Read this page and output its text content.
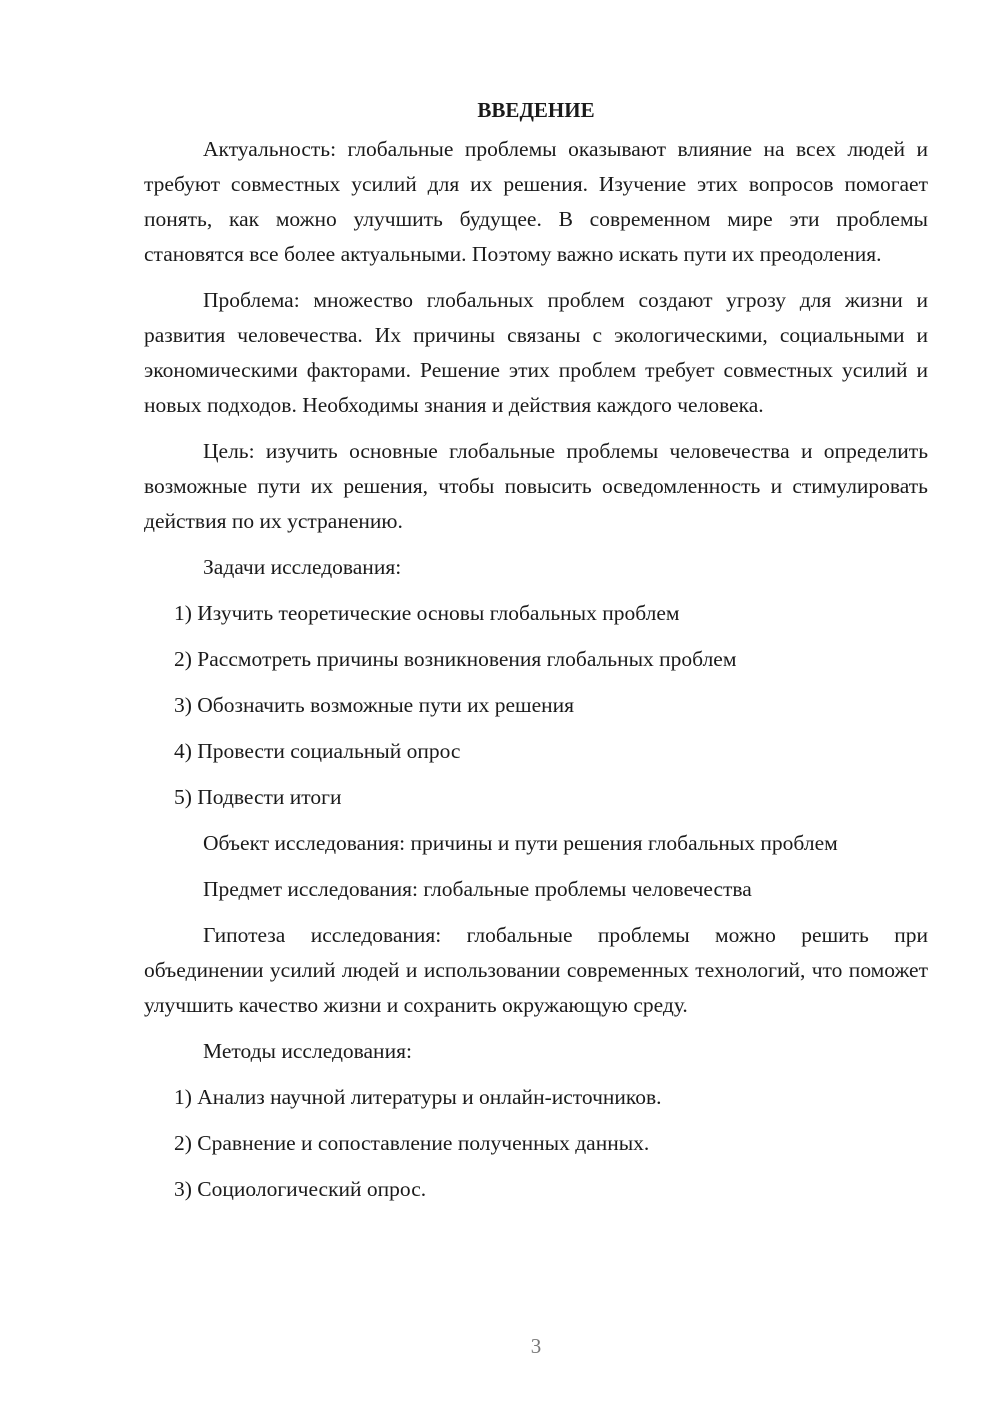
ВВЕДЕНИЕ

Актуальность: глобальные проблемы оказывают влияние на всех людей и требуют совместных усилий для их решения. Изучение этих вопросов помогает понять, как можно улучшить будущее. В современном мире эти проблемы становятся все более актуальными. Поэтому важно искать пути их преодоления.

Проблема: множество глобальных проблем создают угрозу для жизни и развития человечества. Их причины связаны с экологическими, социальными и экономическими факторами. Решение этих проблем требует совместных усилий и новых подходов. Необходимы знания и действия каждого человека.

Цель: изучить основные глобальные проблемы человечества и определить возможные пути их решения, чтобы повысить осведомленность и стимулировать действия по их устранению.

Задачи исследования:

1) Изучить теоретические основы глобальных проблем
2) Рассмотреть причины возникновения глобальных проблем
3) Обозначить возможные пути их решения
4) Провести социальный опрос
5) Подвести итоги

Объект исследования: причины и пути решения глобальных проблем

Предмет исследования: глобальные проблемы человечества

Гипотеза исследования: глобальные проблемы можно решить при объединении усилий людей и использовании современных технологий, что поможет улучшить качество жизни и сохранить окружающую среду.

Методы исследования:

1) Анализ научной литературы и онлайн-источников.
2) Сравнение и сопоставление полученных данных.
3) Социологический опрос.
3
